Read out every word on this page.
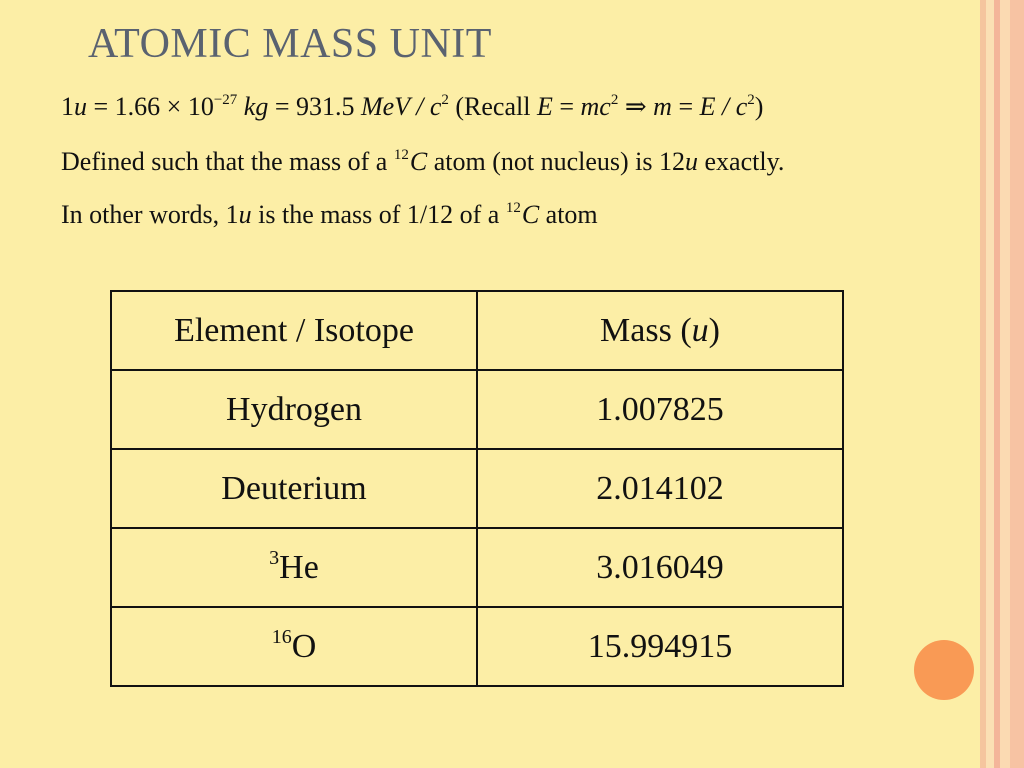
ATOMIC MASS UNIT
$1u = 1.66 \times 10^{-27}$ kg = 931.5 MeV / $c^2$ (Recall $E = mc^2$ ⇒ $m = E / c^2$)
Defined such that the mass of a $^{12}$C atom (not nucleus) is 12u exactly.
In other words, 1u is the mass of 1/12 of a $^{12}$C atom
Element / Isotope	Mass (u)
Hydrogen	1.007825
Deuterium	2.014102
$^3$He	3.016049
$^{16}$O	15.994915
